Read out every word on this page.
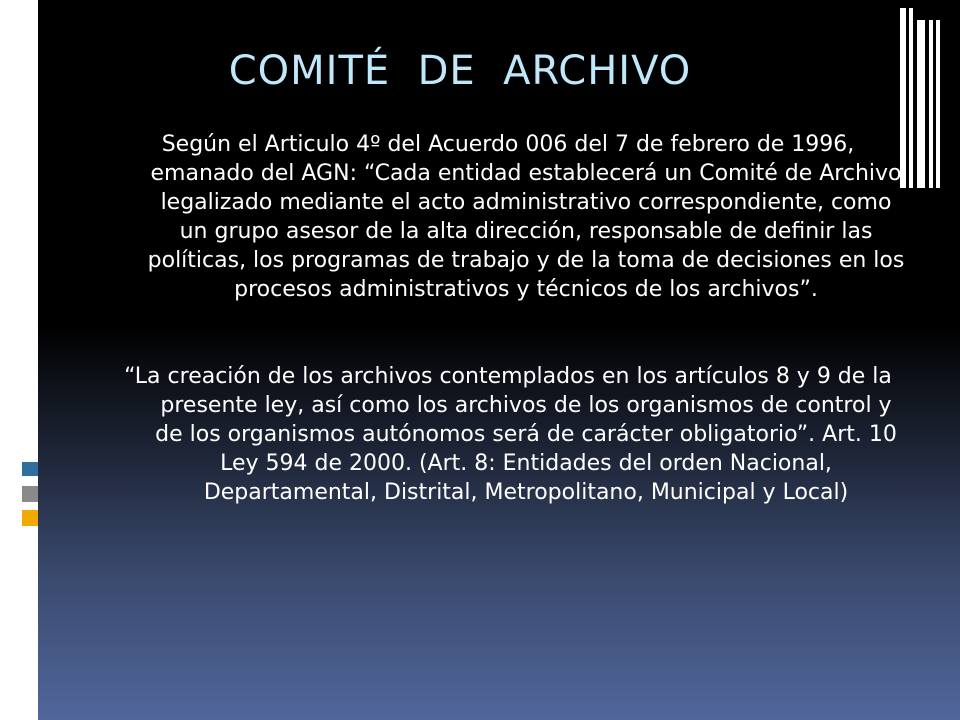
COMITÉ  DE  ARCHIVO

Según el Articulo 4º del Acuerdo 006 del 7 de febrero de 1996, emanado del AGN: “Cada entidad establecerá un Comité de Archivo legalizado mediante el acto administrativo correspondiente, como un grupo asesor de la alta dirección, responsable de definir las políticas, los programas de trabajo y de la toma de decisiones en los procesos administrativos y técnicos de los archivos”.

“La creación de los archivos contemplados en los artículos 8 y 9 de la presente ley, así como los archivos de los organismos de control y de los organismos autónomos será de carácter obligatorio”. Art. 10 Ley 594 de 2000. (Art. 8: Entidades del orden Nacional, Departamental, Distrital, Metropolitano, Municipal y Local)
